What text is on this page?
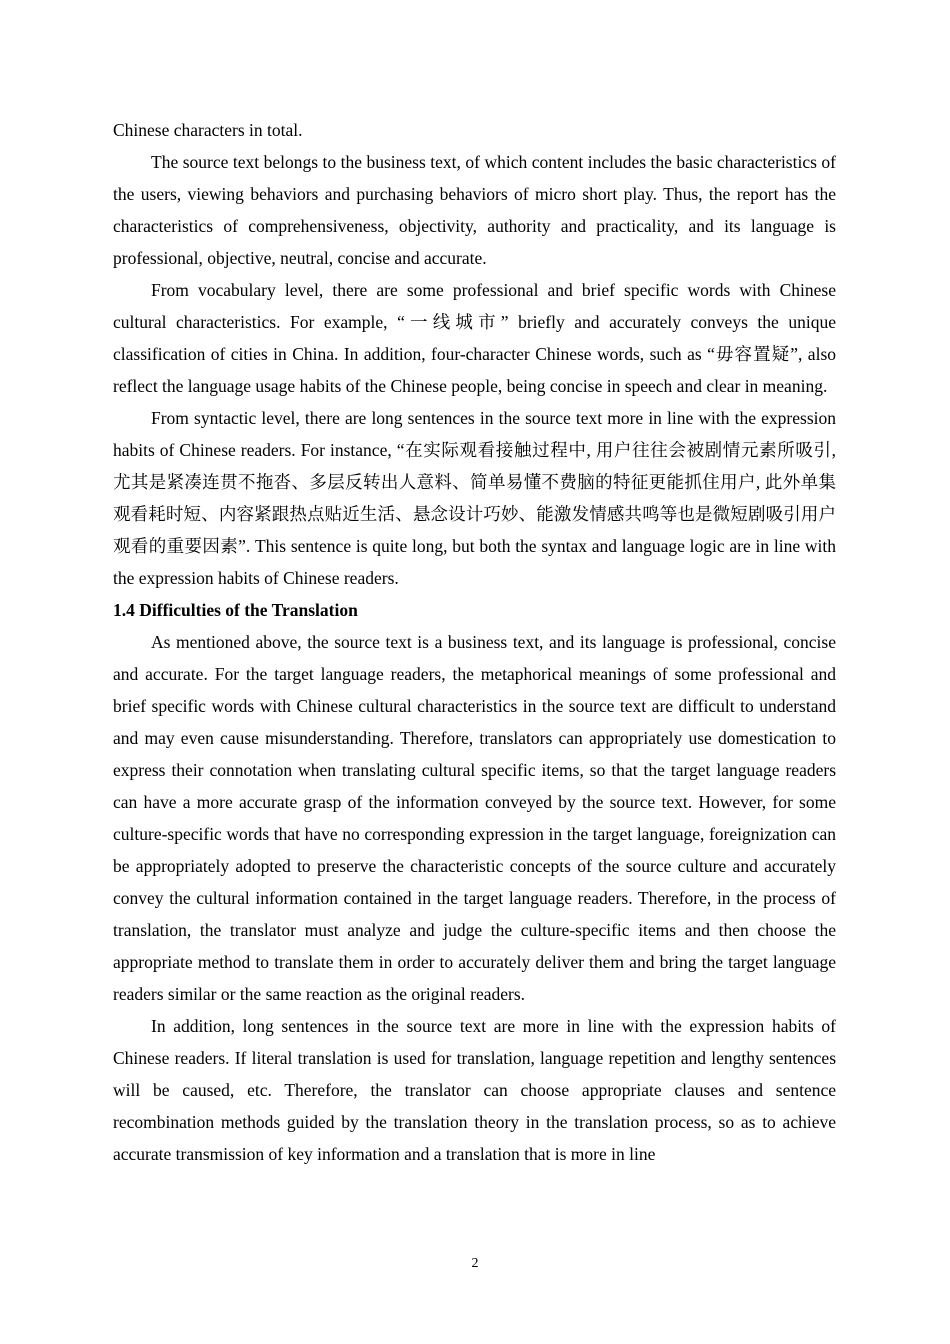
Chinese characters in total.

The source text belongs to the business text, of which content includes the basic characteristics of the users, viewing behaviors and purchasing behaviors of micro short play. Thus, the report has the characteristics of comprehensiveness, objectivity, authority and practicality, and its language is professional, objective, neutral, concise and accurate.

From vocabulary level, there are some professional and brief specific words with Chinese cultural characteristics. For example, “一线城市” briefly and accurately conveys the unique classification of cities in China. In addition, four-character Chinese words, such as “毋容置疑”, also reflect the language usage habits of the Chinese people, being concise in speech and clear in meaning.

From syntactic level, there are long sentences in the source text more in line with the expression habits of Chinese readers. For instance, “在实际观看接触过程中, 用户往往会被剧情元素所吸引, 尤其是紧凑连贯不拖沓、多层反转出人意料、简单易懂不费脑的特征更能抓住用户, 此外单集观看耗时短、内容紧跟热点贴近生活、悬念设计巧妙、能激发情感共鸣等也是微短剧吸引用户观看的重要因素”. This sentence is quite long, but both the syntax and language logic are in line with the expression habits of Chinese readers.

1.4 Difficulties of the Translation

As mentioned above, the source text is a business text, and its language is professional, concise and accurate. For the target language readers, the metaphorical meanings of some professional and brief specific words with Chinese cultural characteristics in the source text are difficult to understand and may even cause misunderstanding. Therefore, translators can appropriately use domestication to express their connotation when translating cultural specific items, so that the target language readers can have a more accurate grasp of the information conveyed by the source text. However, for some culture-specific words that have no corresponding expression in the target language, foreignization can be appropriately adopted to preserve the characteristic concepts of the source culture and accurately convey the cultural information contained in the target language readers. Therefore, in the process of translation, the translator must analyze and judge the culture-specific items and then choose the appropriate method to translate them in order to accurately deliver them and bring the target language readers similar or the same reaction as the original readers.

In addition, long sentences in the source text are more in line with the expression habits of Chinese readers. If literal translation is used for translation, language repetition and lengthy sentences will be caused, etc. Therefore, the translator can choose appropriate clauses and sentence recombination methods guided by the translation theory in the translation process, so as to achieve accurate transmission of key information and a translation that is more in line

2
